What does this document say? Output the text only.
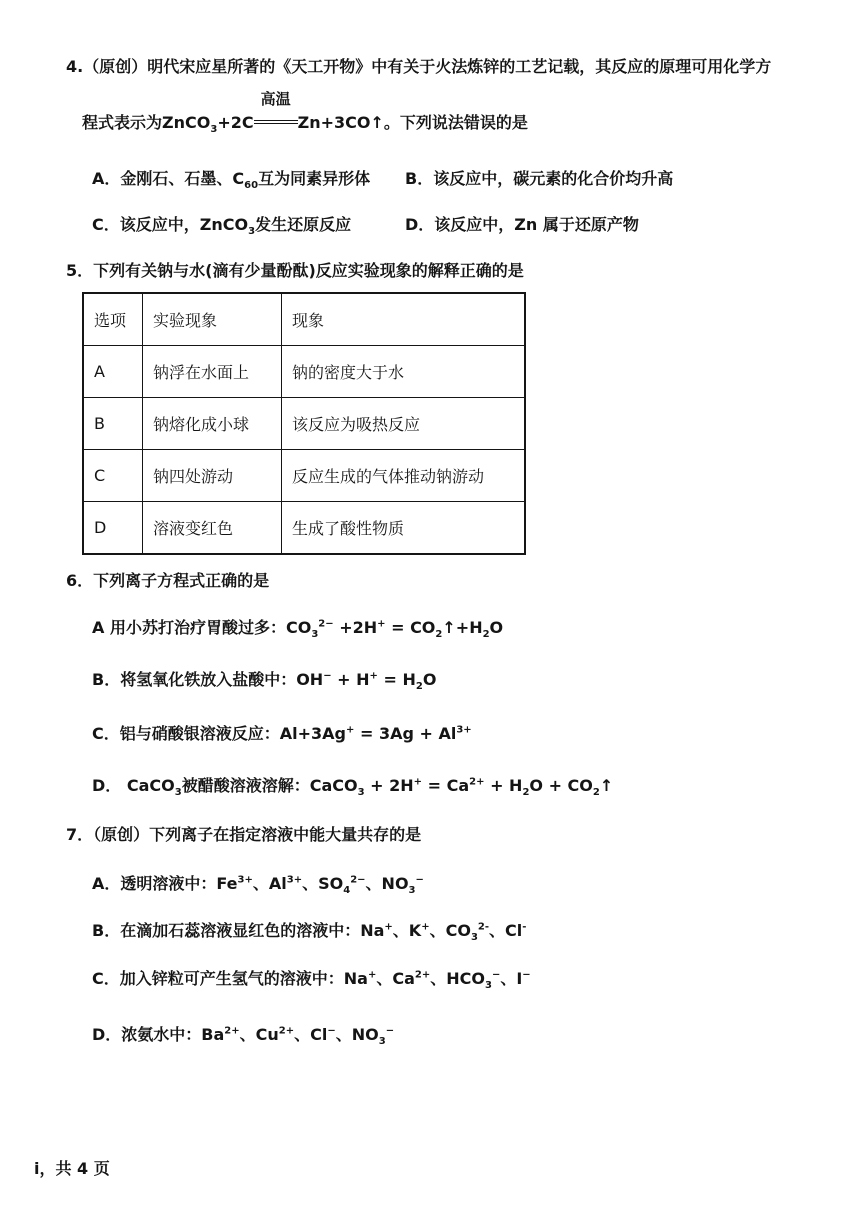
4.（原创）明代宋应星所著的《天工开物》中有关于火法炼锌的工艺记载，其反应的原理可用化学方
程式表示为ZnCO$_3$+2C
高温
Zn+3CO↑。下列说法错误的是
A．金刚石、石墨、$C_{60}$互为同素异形体 B．该反应中，碳元素的化合价均升高
C．该反应中，ZnCO$_3$发生还原反应	D．该反应中，Zn 属于还原产物
5．下列有关钠与水(滴有少量酚酞)反应实验现象的解释正确的是
选项	实验现象	现象
A	钠浮在水面上	钠的密度大于水
B	钠熔化成小球	该反应为吸热反应
C	钠四处游动	反应生成的气体推动钠游动
D	溶液变红色	生成了酸性物质
6．下列离子方程式正确的是
A 用小苏打治疗胃酸过多：$CO_3^{2-} +2H^+$ = $CO_2↑+H_2O$
B．将氢氧化铁放入盐酸中：$OH^- + H^+ = H_2O$
C．铝与硝酸银溶液反应：$Al+3Ag^+ = 3Ag + Al^{3+}$
D． CaCO$_3$被醋酸溶液溶解：CaCO$_3$ + $2H^+ = Ca^{2+} + H_2O$ + $CO_2↑$
7．（原创）下列离子在指定溶液中能大量共存的是
A．透明溶液中：$Fe^{3+}$、$Al^{3+}$、$SO_4^{2-}$、$NO_3^-$
B．在滴加石蕊溶液显红色的溶液中：Na+、K+、$CO_3^{2-}$、Cl-
C．加入锌粒可产生氢气的溶液中：Na+、$Ca^{2+}$、$HCO_3^-$、I−
D．浓氨水中：$Ba^{2+}$、$Cu^{2+}$、Cl−、$NO_3^-$
i，共 4 页
